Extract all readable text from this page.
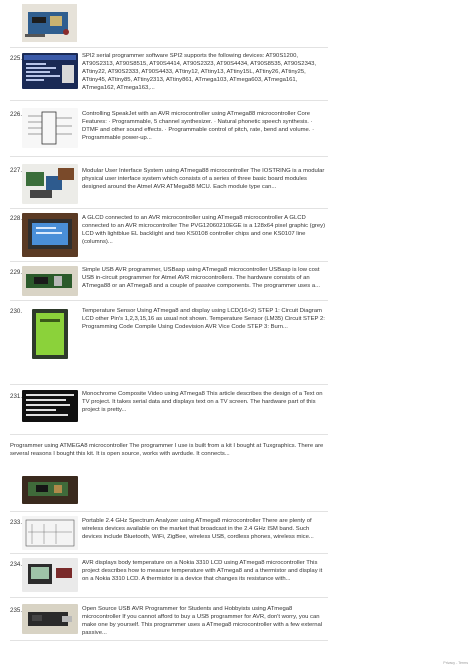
225.	SPI2 serial programmer software SPI2 supports the following devices: AT90S1200, AT90S2313, AT90S8515, AT90S4414, AT90S2323, AT90S4434, AT90S8535, AT90S2343, ATtiny22, AT90S2333, AT90S4433, ATtiny12, ATtiny13, ATtiny15L, ATtiny26, ATtiny25, ATtiny45, ATtiny85, ATtiny2313, ATtiny861, ATmega103, ATmega603, ATmega161, ATmega162, ATmega163,...

226.	Controlling SpeakJet with an AVR microcontroller using ATmega88 microcontroller Core Features: · Programmable, 5 channel synthesizer. · Natural phonetic speech synthesis. · DTMF and other sound effects. · Programmable control of pitch, rate, bend and volume. · Programmable power-up...

227.	Modular User Interface System using ATmega88 microcontroller The IOSTRING is a modular physical user interface system which consists of a series of three basic board modules designed around the Atmel AVR ATMega88 MCU. Each module type can...

228.	A GLCD connected to an AVR microcontroller using ATmega8 microcontroller A GLCD connected to an AVR microcontroller The PVG12060210EGE is a 128x64 pixel graphic (grey) LCD with lightblue EL backlight and two KS0108 controller chips and one KS0107 line (columns)...

229.	Simple USB AVR programmer, USBasp using ATmega8 microcontroller USBasp is low cost USB in-circuit programmer for Atmel AVR microcontrollers. The hardware consists of an ATmega88 or an ATmega8 and a couple of passive components. The programmer uses a...

230.	Temperature Sensor Using ATmega8 and display using LCD(16×2) STEP 1: Circuit Diagram LCD other Pin's 1,2,3,15,16 as usual not shown. Temperature Sensor (LM35) Circuit STEP 2: Programming Code Compile Using Codevision AVR Vice Code STEP 3: Burn...

231.	Monochrome Composite Video using ATmega8 This article describes the design of a Text on TV project. It takes serial data and displays text on a TV screen. The hardware part of this project is pretty...

Programmer using ATMEGA8 microcontroller The programmer I use is built from a kit I bought at Tuxgraphics. There are several reasons I bought this kit. It is open source, works with avrdude. It connects...

233.	Portable 2.4 GHz Spectrum Analyzer using ATmega8 microcontroller There are plenty of wireless devices available on the market that broadcast in the 2.4 GHz ISM band. Such devices include Bluetooth, WiFi, ZigBee, wireless USB, cordless phones, wireless mice...

234.	AVR displays body temperature on a Nokia 3310 LCD using ATmega8 microcontroller This project describes how to measure temperature with ATmega8 and a thermistor and display it on a Nokia 3310 LCD. A thermistor is a device that changes its resistance with...

235.	Open Source USB AVR Programmer for Students and Hobbyists using ATmega8 microcontroller If you cannot afford to buy a USB programmer for AVR, don't worry, you can make one by yourself. This programmer uses a ATmega8 microcontroller with a few external passive...

Privacy - Terms
